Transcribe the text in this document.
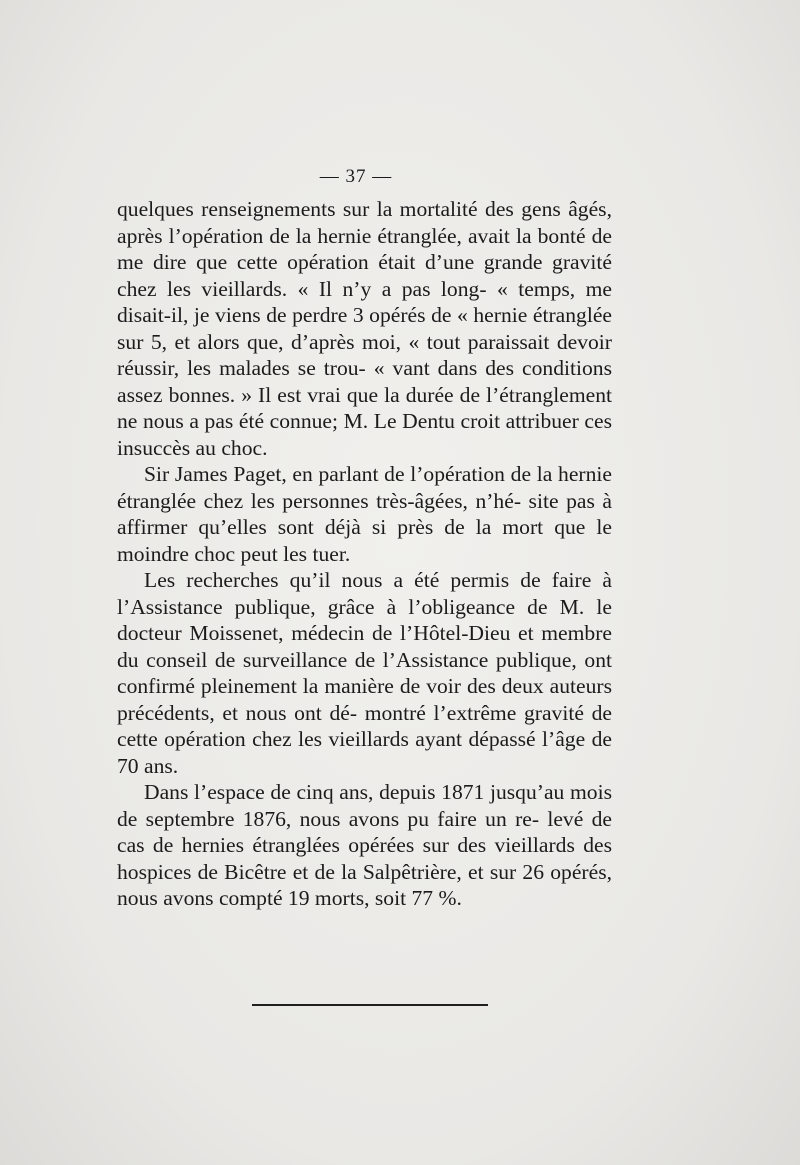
— 37 —

quelques renseignements sur la mortalité des gens âgés, après l’opération de la hernie étranglée, avait la bonté de me dire que cette opération était d’une grande gravité chez les vieillards. « Il n’y a pas long- « temps, me disait-il, je viens de perdre 3 opérés de « hernie étranglée sur 5, et alors que, d’après moi, « tout paraissait devoir réussir, les malades se trou- « vant dans des conditions assez bonnes. » Il est vrai que la durée de l’étranglement ne nous a pas été connue; M. Le Dentu croit attribuer ces insuccès au choc.

Sir James Paget, en parlant de l’opération de la hernie étranglée chez les personnes très-âgées, n’hé- site pas à affirmer qu’elles sont déjà si près de la mort que le moindre choc peut les tuer.

Les recherches qu’il nous a été permis de faire à l’Assistance publique, grâce à l’obligeance de M. le docteur Moissenet, médecin de l’Hôtel-Dieu et membre du conseil de surveillance de l’Assistance publique, ont confirmé pleinement la manière de voir des deux auteurs précédents, et nous ont dé- montré l’extrême gravité de cette opération chez les vieillards ayant dépassé l’âge de 70 ans.

Dans l’espace de cinq ans, depuis 1871 jusqu’au mois de septembre 1876, nous avons pu faire un re- levé de cas de hernies étranglées opérées sur des vieillards des hospices de Bicêtre et de la Salpêtrière, et sur 26 opérés, nous avons compté 19 morts, soit 77 %.
